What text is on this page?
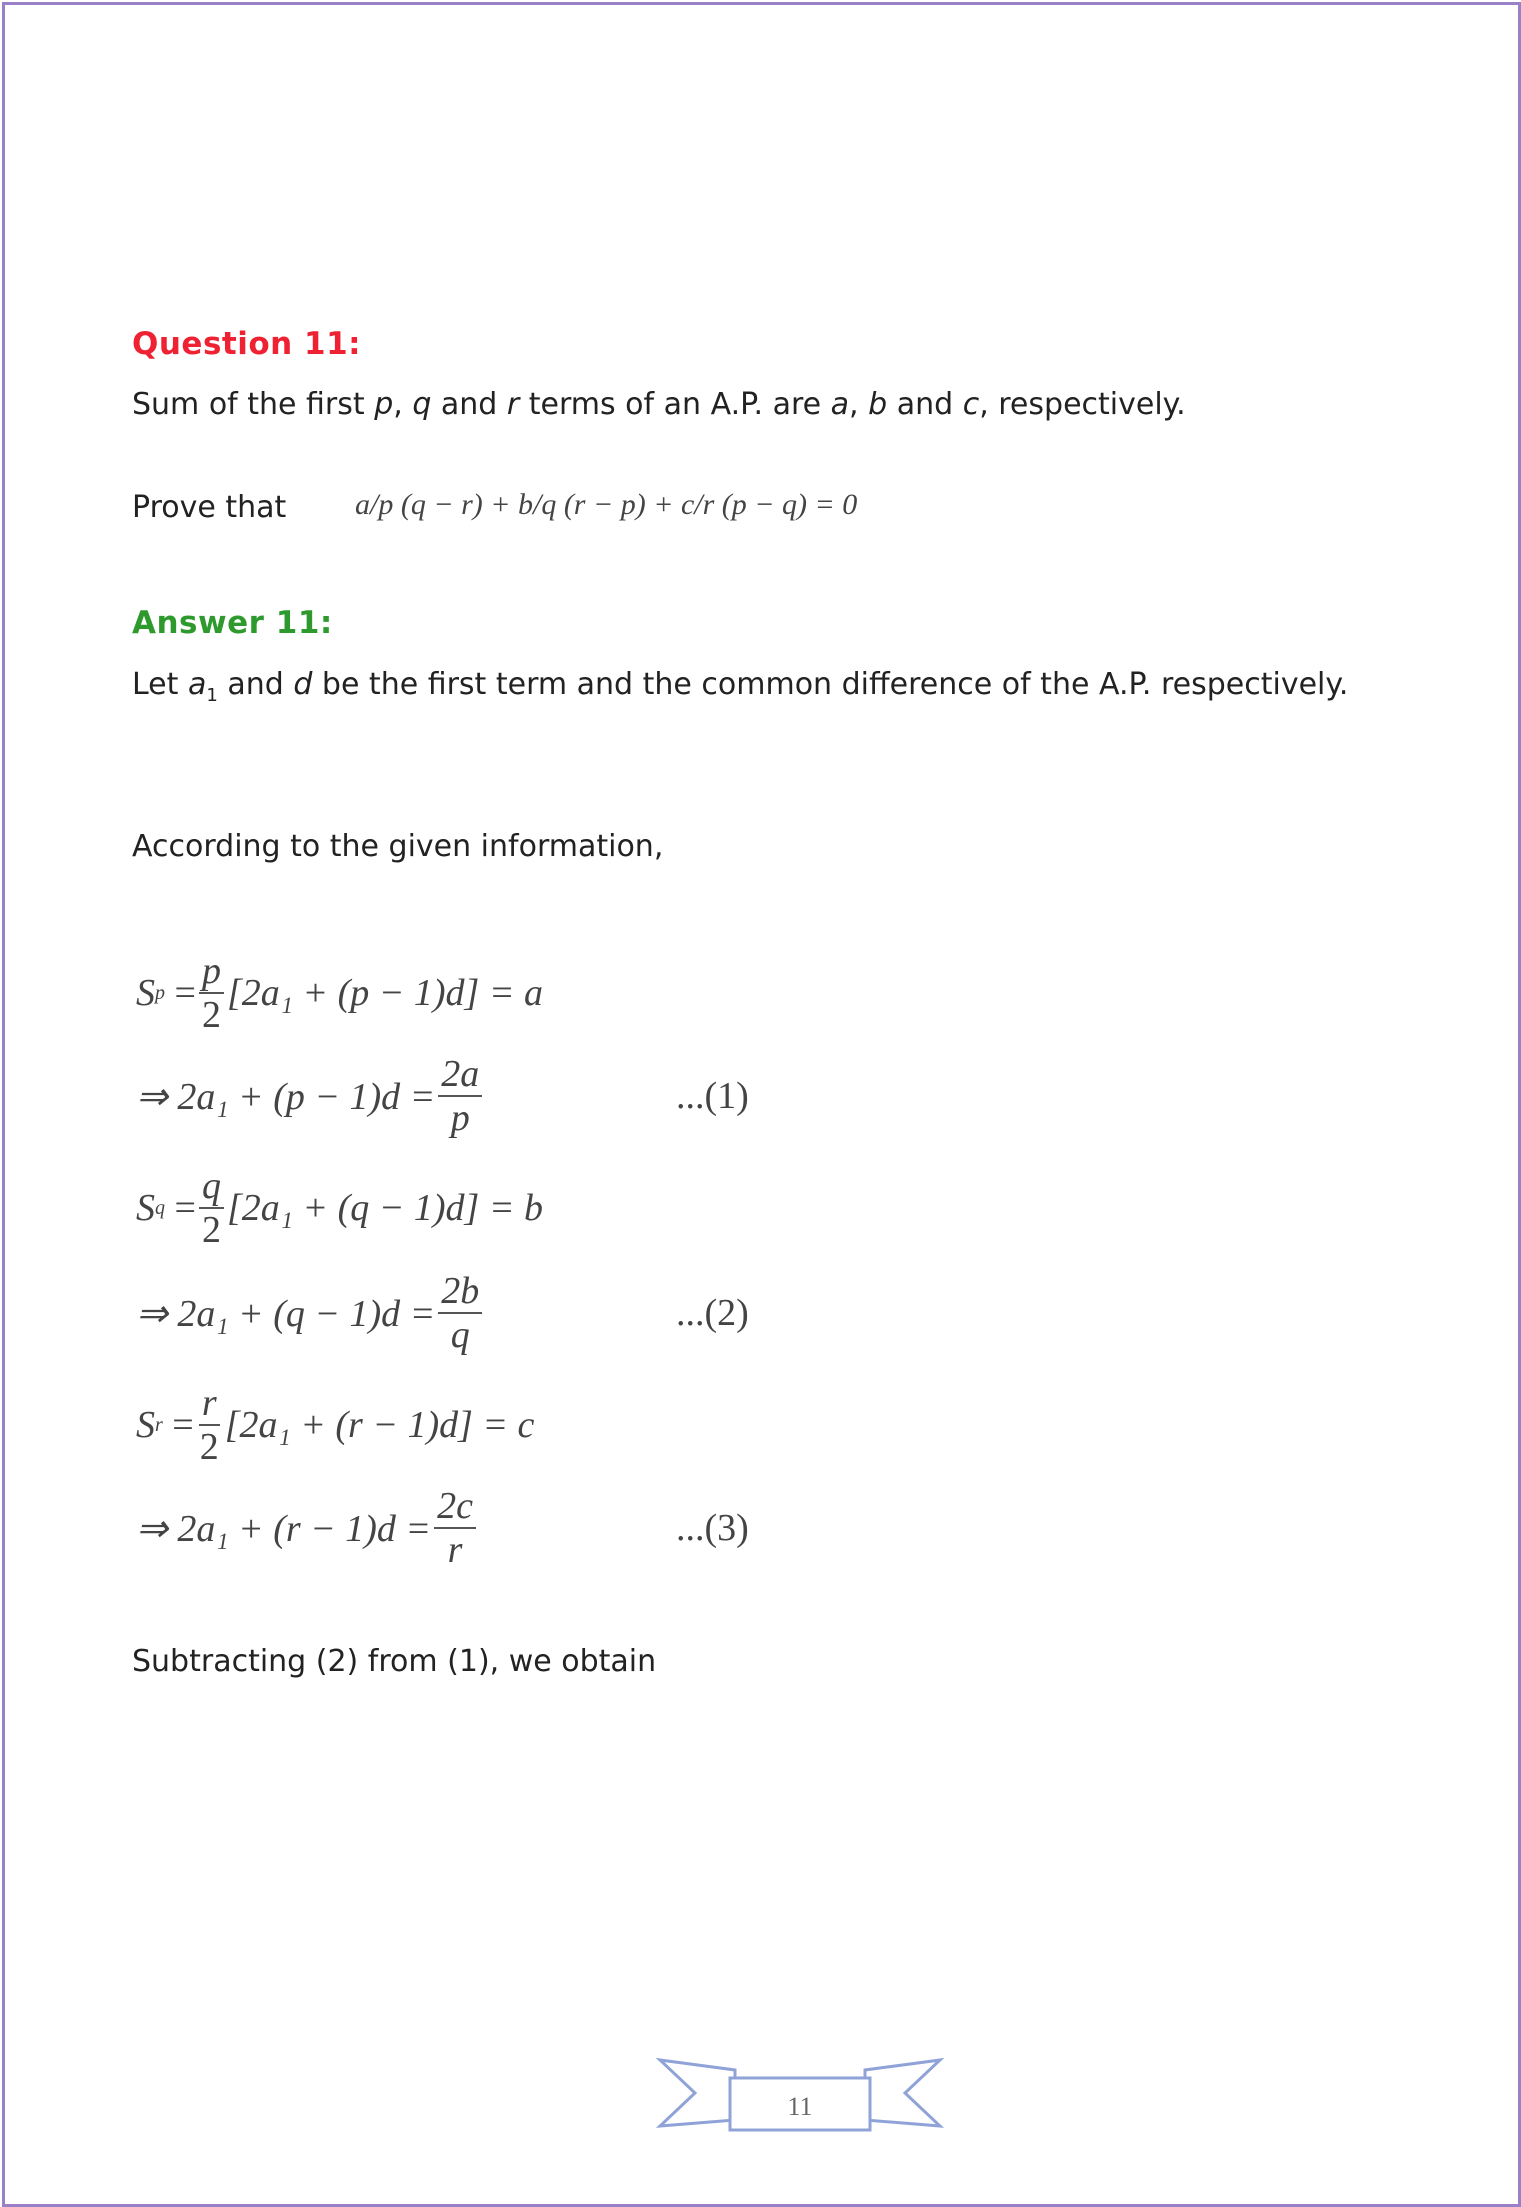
Question 11:
Sum of the first p, q and r terms of an A.P. are a, b and c, respectively.
Prove that a/p (q − r) + b/q (r − p) + c/r (p − q) = 0
Answer 11:
Let $a_1$ and d be the first term and the common difference of the A.P. respectively.
According to the given information,
S $p = \frac{p}{2} [2a_1 + (p - 1)d] = a$
⇒ $2a_1 + (p - 1)d = \frac{2a}{p}$	...(1)
S $q = \frac{q}{2} [2a_1 + (q - 1)d] = b$
⇒ $2a_1 + (q - 1)d = \frac{2b}{q}$	...(2)
S $r = \frac{r}{2} [2a_1 + (r - 1)d] = c$
⇒ $2a_1 + (r - 1)d = \frac{2c}{r}$	...(3)
Subtracting (2) from (1), we obtain
11
